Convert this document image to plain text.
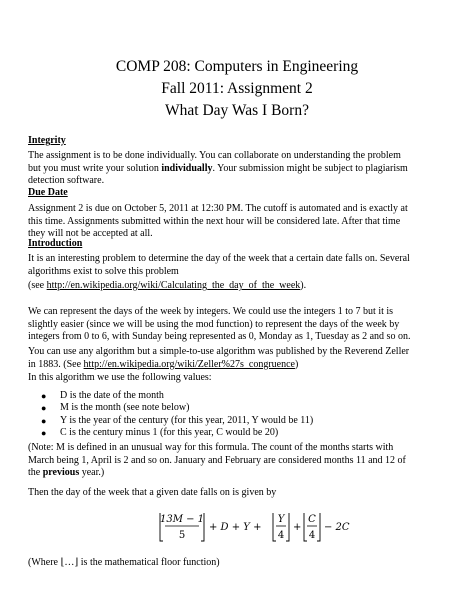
COMP 208: Computers in Engineering
Fall 2011: Assignment 2
What Day Was I Born?
Integrity
The assignment is to be done individually. You can collaborate on understanding the problem
but you must write your solution individually. Your submission might be subject to plagiarism
detection software.
Due Date
Assignment 2 is due on October 5, 2011 at 12:30 PM. The cutoff is automated and is exactly at
this time. Assignments submitted within the next hour will be considered late. After that time
they will not be accepted at all.
Introduction
It is an interesting problem to determine the day of the week that a certain date falls on. Several
algorithms exist to solve this problem
(see http://en.wikipedia.org/wiki/Calculating_the_day_of_the_week).
We can represent the days of the week by integers. We could use the integers 1 to 7 but it is
slightly easier (since we will be using the mod function) to represent the days of the week by
integers from 0 to 6, with Sunday being represented as 0, Monday as 1, Tuesday as 2 and so on.
You can use any algorithm but a simple-to-use algorithm was published by the Reverend Zeller
in 1883. (See http://en.wikipedia.org/wiki/Zeller%27s_congruence)
In this algorithm we use the following values:
● D is the date of the month
● M is the month (see note below)
● Y is the year of the century (for this year, 2011, Y would be 11)
● C is the century minus 1 (for this year, C would be 20)
(Note: M is defined in an unusual way for this formula. The count of the months starts with
March being 1, April is 2 and so on. January and February are considered months 11 and 12 of
the previous year.)
Then the day of the week that a given date falls on is given by
13M − 1
5
+ D + Y +
Y
4
+
C
4
− 2C
(Where ⌊…⌋ is the mathematical floor function)
